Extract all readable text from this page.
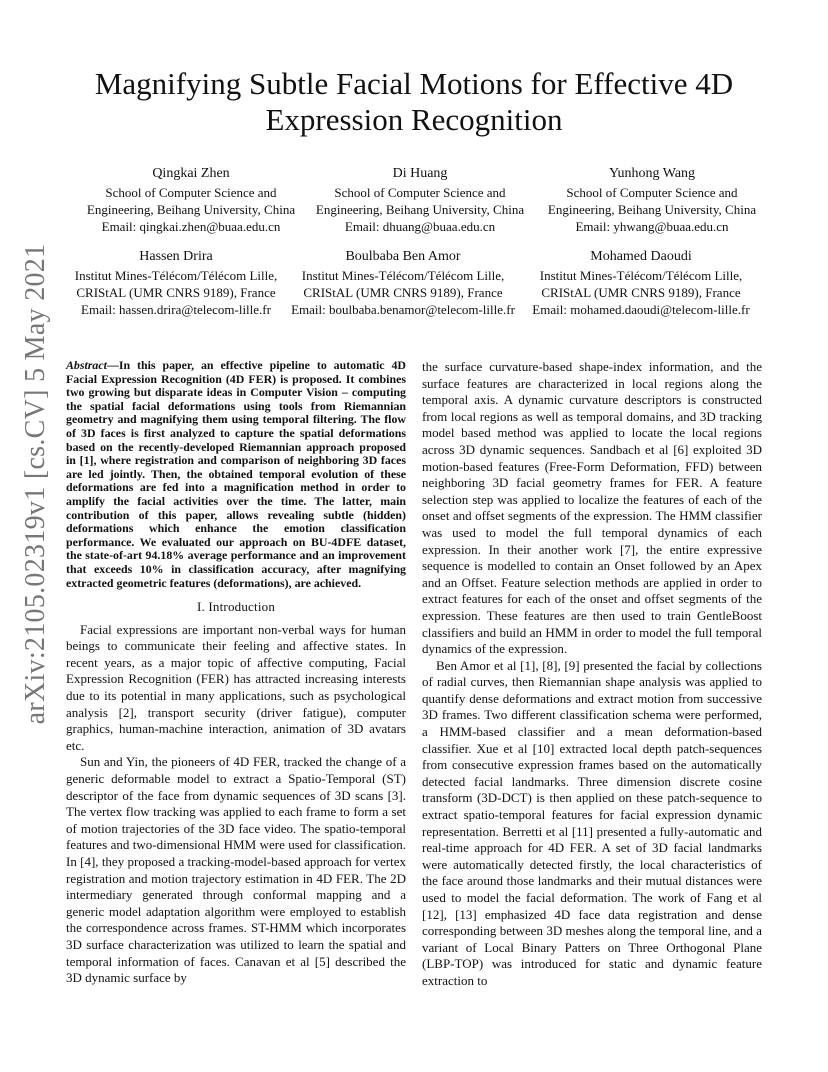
arXiv:2105.02319v1 [cs.CV] 5 May 2021
Magnifying Subtle Facial Motions for Effective 4D Expression Recognition
Qingkai Zhen
School of Computer Science and
Engineering, Beihang University, China
Email: qingkai.zhen@buaa.edu.cn
Di Huang
School of Computer Science and
Engineering, Beihang University, China
Email: dhuang@buaa.edu.cn
Yunhong Wang
School of Computer Science and
Engineering, Beihang University, China
Email: yhwang@buaa.edu.cn
Hassen Drira
Institut Mines-Télécom/Télécom Lille,
CRIStAL (UMR CNRS 9189), France
Email: hassen.drira@telecom-lille.fr
Boulbaba Ben Amor
Institut Mines-Télécom/Télécom Lille,
CRIStAL (UMR CNRS 9189), France
Email: boulbaba.benamor@telecom-lille.fr
Mohamed Daoudi
Institut Mines-Télécom/Télécom Lille,
CRIStAL (UMR CNRS 9189), France
Email: mohamed.daoudi@telecom-lille.fr
Abstract—In this paper, an effective pipeline to automatic 4D Facial Expression Recognition (4D FER) is proposed. It combines two growing but disparate ideas in Computer Vision – computing the spatial facial deformations using tools from Riemannian geometry and magnifying them using temporal filtering. The flow of 3D faces is first analyzed to capture the spatial deformations based on the recently-developed Riemannian approach proposed in [1], where registration and comparison of neighboring 3D faces are led jointly. Then, the obtained temporal evolution of these deformations are fed into a magnification method in order to amplify the facial activities over the time. The latter, main contribution of this paper, allows revealing subtle (hidden) deformations which enhance the emotion classification performance. We evaluated our approach on BU-4DFE dataset, the state-of-art 94.18% average performance and an improvement that exceeds 10% in classification accuracy, after magnifying extracted geometric features (deformations), are achieved.
I. Introduction

Facial expressions are important non-verbal ways for human beings to communicate their feeling and affective states. In recent years, as a major topic of affective computing, Facial Expression Recognition (FER) has attracted increasing interests due to its potential in many applications, such as psychological analysis [2], transport security (driver fatigue), computer graphics, human-machine interaction, animation of 3D avatars etc.

Sun and Yin, the pioneers of 4D FER, tracked the change of a generic deformable model to extract a Spatio-Temporal (ST) descriptor of the face from dynamic sequences of 3D scans [3]. The vertex flow tracking was applied to each frame to form a set of motion trajectories of the 3D face video. The spatio-temporal features and two-dimensional HMM were used for classification. In [4], they proposed a tracking-model-based approach for vertex registration and motion trajectory estimation in 4D FER. The 2D intermediary generated through conformal mapping and a generic model adaptation algorithm were employed to establish the correspondence across frames. ST-HMM which incorporates 3D surface characterization was utilized to learn the spatial and temporal information of faces. Canavan et al [5] described the 3D dynamic surface by

the surface curvature-based shape-index information, and the surface features are characterized in local regions along the temporal axis. A dynamic curvature descriptors is constructed from local regions as well as temporal domains, and 3D tracking model based method was applied to locate the local regions across 3D dynamic sequences. Sandbach et al [6] exploited 3D motion-based features (Free-Form Deformation, FFD) between neighboring 3D facial geometry frames for FER. A feature selection step was applied to localize the features of each of the onset and offset segments of the expression. The HMM classifier was used to model the full temporal dynamics of each expression. In their another work [7], the entire expressive sequence is modelled to contain an Onset followed by an Apex and an Offset. Feature selection methods are applied in order to extract features for each of the onset and offset segments of the expression. These features are then used to train GentleBoost classifiers and build an HMM in order to model the full temporal dynamics of the expression.

Ben Amor et al [1], [8], [9] presented the facial by collections of radial curves, then Riemannian shape analysis was applied to quantify dense deformations and extract motion from successive 3D frames. Two different classification schema were performed, a HMM-based classifier and a mean deformation-based classifier. Xue et al [10] extracted local depth patch-sequences from consecutive expression frames based on the automatically detected facial landmarks. Three dimension discrete cosine transform (3D-DCT) is then applied on these patch-sequence to extract spatio-temporal features for facial expression dynamic representation. Berretti et al [11] presented a fully-automatic and real-time approach for 4D FER. A set of 3D facial landmarks were automatically detected firstly, the local characteristics of the face around those landmarks and their mutual distances were used to model the facial deformation. The work of Fang et al [12], [13] emphasized 4D face data registration and dense corresponding between 3D meshes along the temporal line, and a variant of Local Binary Patters on Three Orthogonal Plane (LBP-TOP) was introduced for static and dynamic feature extraction to
